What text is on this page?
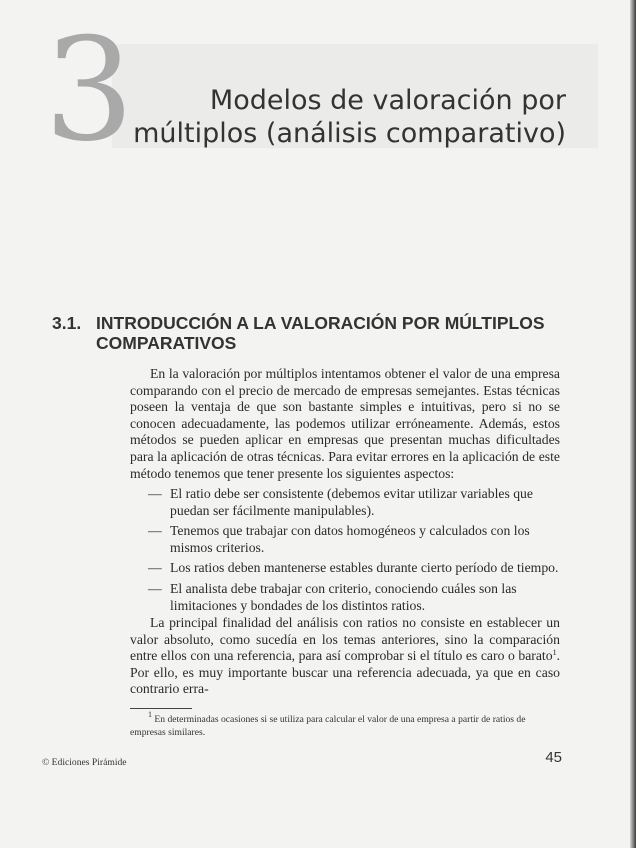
3	Modelos de valoración por
múltiplos (análisis comparativo)
3.1. INTRODUCCIÓN A LA VALORACIÓN POR MÚLTIPLOS COMPARATIVOS

En la valoración por múltiplos intentamos obtener el valor de una empresa comparando con el precio de mercado de empresas semejantes. Estas técnicas poseen la ventaja de que son bastante simples e intuitivas, pero si no se conocen adecuadamente, las podemos utilizar erróneamente. Además, estos métodos se pueden aplicar en empresas que presentan muchas dificultades para la aplicación de otras técnicas. Para evitar errores en la aplicación de este método tenemos que tener presente los siguientes aspectos:

— El ratio debe ser consistente (debemos evitar utilizar variables que puedan ser fácilmente manipulables).
— Tenemos que trabajar con datos homogéneos y calculados con los mismos criterios.
— Los ratios deben mantenerse estables durante cierto período de tiempo.
— El analista debe trabajar con criterio, conociendo cuáles son las limitaciones y bondades de los distintos ratios.

La principal finalidad del análisis con ratios no consiste en establecer un valor absoluto, como sucedía en los temas anteriores, sino la comparación entre ellos con una referencia, para así comprobar si el título es caro o barato$^1$. Por ello, es muy importante buscar una referencia adecuada, ya que en caso contrario erra-

$^1$ En determinadas ocasiones si se utiliza para calcular el valor de una empresa a partir de ratios de empresas similares.

© Ediciones Pirámide	45
